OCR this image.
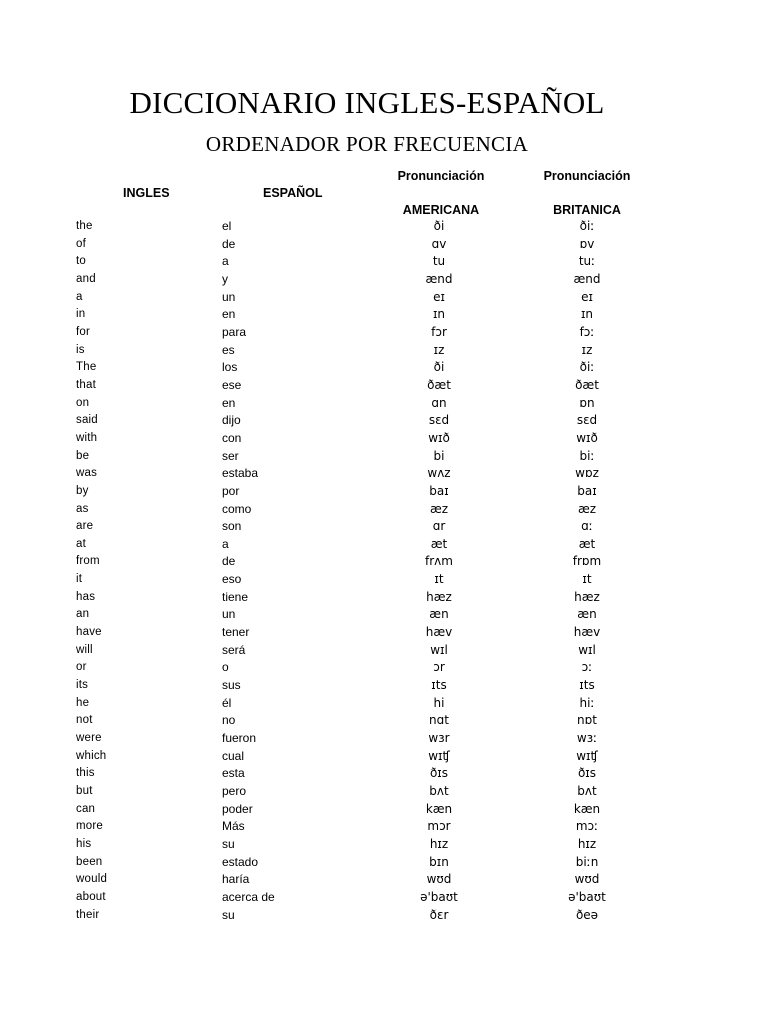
DICCIONARIO INGLES-ESPAÑOL
ORDENADOR POR FRECUENCIA
Pronunciación	Pronunciación
INGLES	ESPAÑOL
AMERICANA	BRITANICA
the	el	ði	ðiː
of	de	ɑv	ɒv
to	a	tu	tuː
and	y	ænd	ænd
a	un	eɪ	eɪ
in	en	ɪn	ɪn
for	para	fɔr	fɔː
is	es	ɪz	ɪz
The	los	ði	ðiː
that	ese	ðæt	ðæt
on	en	ɑn	ɒn
said	dijo	sɛd	sɛd
with	con	wɪð	wɪð
be	ser	bi	biː
was	estaba	wʌz	wɒz
by	por	baɪ	baɪ
as	como	æz	æz
are	son	ɑr	ɑː
at	a	æt	æt
from	de	frʌm	frɒm
it	eso	ɪt	ɪt
has	tiene	hæz	hæz
an	un	æn	æn
have	tener	hæv	hæv
will	será	wɪl	wɪl
or	o	ɔr	ɔː
its	sus	ɪts	ɪts
he	él	hi	hiː
not	no	nɑt	nɒt
were	fueron	wɜr	wɜː
which	cual	wɪʧ	wɪʧ
this	esta	ðɪs	ðɪs
but	pero	bʌt	bʌt
can	poder	kæn	kæn
more	Más	mɔr	mɔː
his	su	hɪz	hɪz
been	estado	bɪn	biːn
would	haría	wʊd	wʊd
about	acerca de	ə'baʊt	ə'baʊt
their	su	ðɛr	ðeə
